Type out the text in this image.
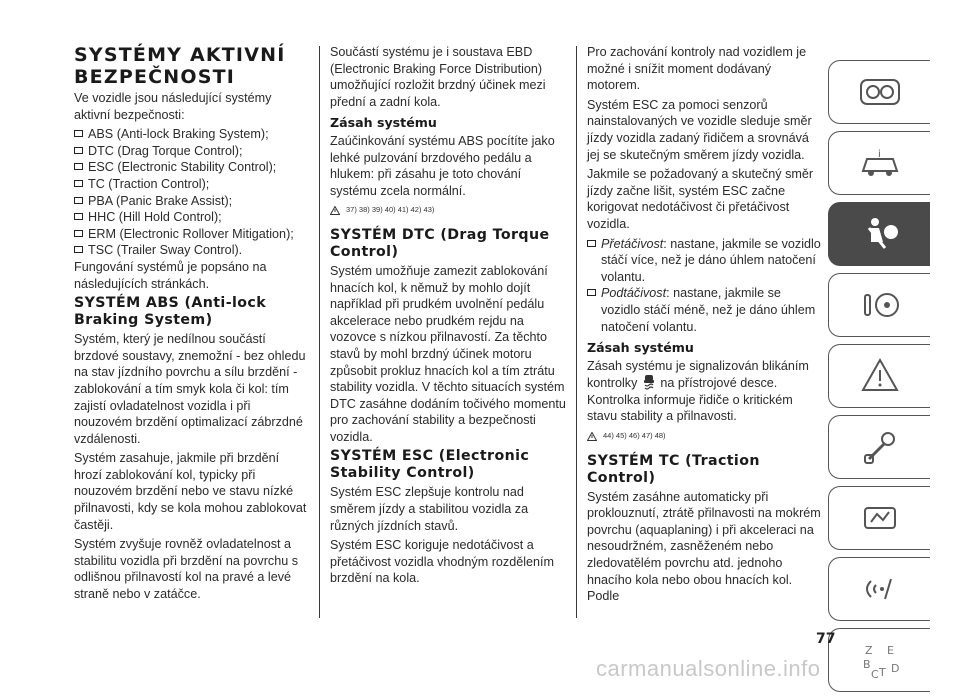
SYSTÉMY AKTIVNÍ BEZPEČNOSTI

Ve vozidle jsou následující systémy aktivní bezpečnosti:

ABS (Anti-lock Braking System);
DTC (Drag Torque Control);
ESC (Electronic Stability Control);
TC (Traction Control);
PBA (Panic Brake Assist);
HHC (Hill Hold Control);
ERM (Electronic Rollover Mitigation);
TSC (Trailer Sway Control).

Fungování systémů je popsáno na následujících stránkách.

SYSTÉM ABS (Anti-lock Braking System)

Systém, který je nedílnou součástí brzdové soustavy, znemožní - bez ohledu na stav jízdního povrchu a sílu brzdění - zablokování a tím smyk kola či kol: tím zajistí ovladatelnost vozidla i při nouzovém brzdění optimalizací zábrzdné vzdálenosti.

Systém zasahuje, jakmile při brzdění hrozí zablokování kol, typicky při nouzovém brzdění nebo ve stavu nízké přilnavosti, kdy se kola mohou zablokovat častěji.

Systém zvyšuje rovněž ovladatelnost a stabilitu vozidla při brzdění na povrchu s odlišnou přilnavostí kol na pravé a levé straně nebo v zatáčce.

Součástí systému je i soustava EBD (Electronic Braking Force Distribution) umožňující rozložit brzdný účinek mezi přední a zadní kola.

Zásah systému

Zaúčinkování systému ABS pocítíte jako lehké pulzování brzdového pedálu a hlukem: při zásahu je toto chování systému zcela normální.

37) 38) 39) 40) 41) 42) 43)
SYSTÉM DTC (Drag Torque Control)

Systém umožňuje zamezit zablokování hnacích kol, k němuž by mohlo dojít například při prudkém uvolnění pedálu akcelerace nebo prudkém rejdu na vozovce s nízkou přilnavostí. Za těchto stavů by mohl brzdný účinek motoru způsobit prokluz hnacích kol a tím ztrátu stability vozidla. V těchto situacích systém DTC zasáhne dodáním točivého momentu pro zachování stability a bezpečnosti vozidla.

SYSTÉM ESC (Electronic Stability Control)

Systém ESC zlepšuje kontrolu nad směrem jízdy a stabilitou vozidla za různých jízdních stavů.

Systém ESC koriguje nedotáčivost a přetáčivost vozidla vhodným rozdělením brzdění na kola.

Pro zachování kontroly nad vozidlem je možné i snížit moment dodávaný motorem.

Systém ESC za pomoci senzorů nainstalovaných ve vozidle sleduje směr jízdy vozidla zadaný řidičem a srovnává jej se skutečným směrem jízdy vozidla.

Jakmile se požadovaný a skutečný směr jízdy začne lišit, systém ESC začne korigovat nedotáčivost či přetáčivost vozidla.

Přetáčivost: nastane, jakmile se vozidlo stáčí více, než je dáno úhlem natočení volantu.
Podtáčivost: nastane, jakmile se vozidlo stáčí méně, než je dáno úhlem natočení volantu.
Zásah systému

Zásah systému je signalizován blikáním kontrolky na přístrojové desce. Kontrolka informuje řidiče o kritickém stavu stability a přilnavosti.

44) 45) 46) 47) 48)
SYSTÉM TC (Traction Control)

Systém zasáhne automaticky při proklouznutí, ztrátě přilnavosti na mokrém povrchu (aquaplaning) i při akceleraci na nesoudržném, zasněženém nebo zledovatělém povrchu atd. jednoho hnacího kola nebo obou hnacích kol. Podle

i
Z E
B
C T D
77
carmanualsonline.info
